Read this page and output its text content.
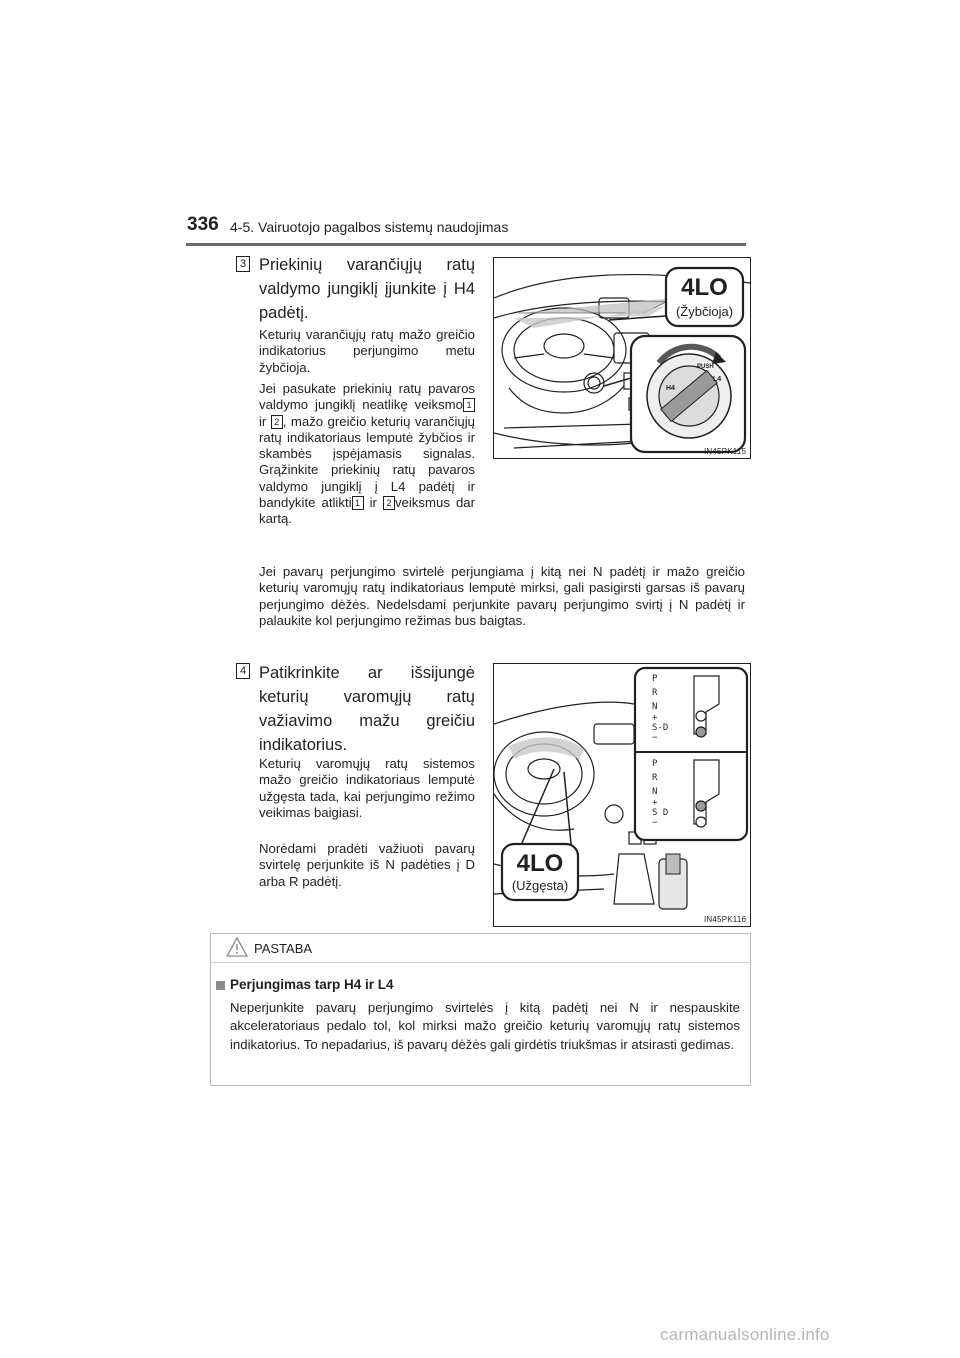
336 4-5. Vairuotojo pagalbos sistemų naudojimas
3 Priekinių varančiųjų ratų valdymo jungiklį įjunkite į H4 padėtį.
Keturių varančiųjų ratų mažo greičio indikatorius perjungimo metu žybčioja.
Jei pasukate priekinių ratų pavaros valdymo jungiklį neatlikę veiksmo 1 ir 2 , mažo greičio keturių varančiųjų ratų indikatoriaus lemputė žybčios ir skambės įspėjamasis signalas. Grąžinkite priekinių ratų pavaros valdymo jungiklį į L4 padėtį ir bandykite atlikti 1 ir 2 veiksmus dar kartą.
4LO
(Žybčioja)
H4
L4
PUSH
IN45PK115
Jei pavarų perjungimo svirtelė perjungiama į kitą nei N padėtį ir mažo greičio keturių varomųjų ratų indikatoriaus lemputė mirksi, gali pasigirsti garsas iš pavarų perjungimo dėžės. Nedelsdami perjunkite pavarų perjungimo svirtį į N padėtį ir palaukite kol perjungimo režimas bus baigtas.
4 Patikrinkite ar išsijungė keturių varomųjų ratų važiavimo mažu greičiu indikatorius.
Keturių varomųjų ratų sistemos mažo greičio indikatoriaus lemputė užgęsta tada, kai perjungimo režimo veikimas baigiasi.
Norėdami pradėti važiuoti pavarų svirtelę perjunkite iš N padėties į D arba R padėtį.
4LO
(Užgęsta)
P
R
N
+
S-D
−
P
R
N
+
S D
−
IN45PK116
PASTABA
Perjungimas tarp H4 ir L4
Neperjunkite pavarų perjungimo svirtelės į kitą padėtį nei N ir nespauskite akceleratoriaus pedalo tol, kol mirksi mažo greičio keturių varomųjų ratų sistemos indikatorius. To nepadarius, iš pavarų dėžės gali girdėtis triukšmas ir atsirasti gedimas.
carmanualsonline.info
